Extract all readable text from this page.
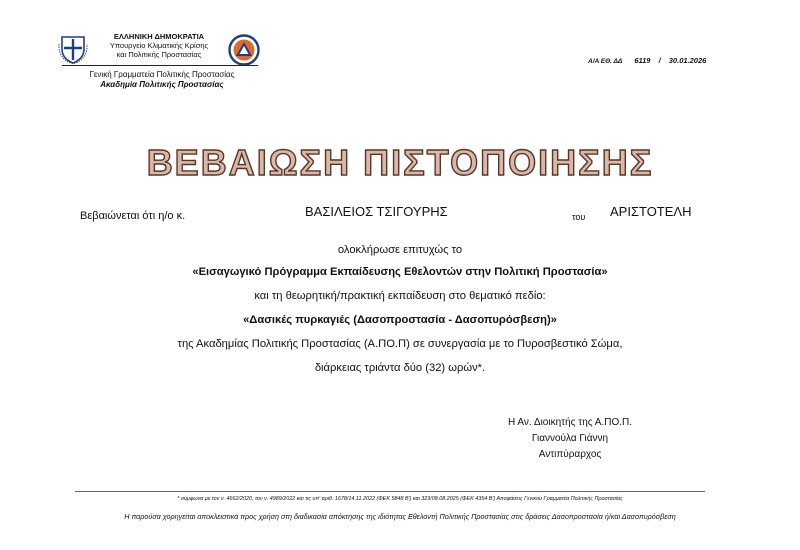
ΕΛΛΗΝΙΚΗ ΔΗΜΟΚΡΑΤΙΑ
Υπουργείο Κλιματικής Κρίσης
και Πολιτικής Προστασίας
Γενική Γραμματεία Πολιτικής Προστασίας
Ακαδημία Πολιτικής Προστασίας
Α/Α ΕΘ. ΔΔ 6119 / 30.01.2026
ΒΕΒΑΙΩΣΗ ΠΙΣΤΟΠΟΙΗΣΗΣ
Βεβαιώνεται ότι η/ο κ.	ΒΑΣΙΛΕΙΟΣ ΤΣΙΓΟΥΡΗΣ	του ΑΡΙΣΤΟΤΕΛΗ
ολοκλήρωσε επιτυχώς το
«Εισαγωγικό Πρόγραμμα Εκπαίδευσης Εθελοντών στην Πολιτική Προστασία»
και τη θεωρητική/πρακτική εκπαίδευση στο θεματικό πεδίο:
«Δασικές πυρκαγιές (Δασοπροστασία - Δασοπυρόσβεση)»
της Ακαδημίας Πολιτικής Προστασίας (Α.ΠΟ.Π) σε συνεργασία με το Πυροσβεστικό Σώμα,
διάρκειας τριάντα δύο (32) ωρών*.
Η Αν. Διοικητής της Α.ΠΟ.Π.
Γιαννούλα Γιάννη
Αντιπύραρχος
* σύμφωνα με τον ν. 4662/2020, τον ν. 4989/2022 και τις υπ' αριθ. 1678/14.11.2022 (ΦΕΚ 5848 Β') και 323/08.08.2025 (ΦΕΚ 4354 Β') Αποφάσεις Γενικού Γραμματέα Πολιτικής Προστασίας
Η παρούσα χορηγείται αποκλειστικά προς χρήση στη διαδικασία απόκτησης της ιδιότητας Εθελοντή Πολιτικής Προστασίας στις δράσεις Δασοπροστασία ή/και Δασοπυρόσβεση
